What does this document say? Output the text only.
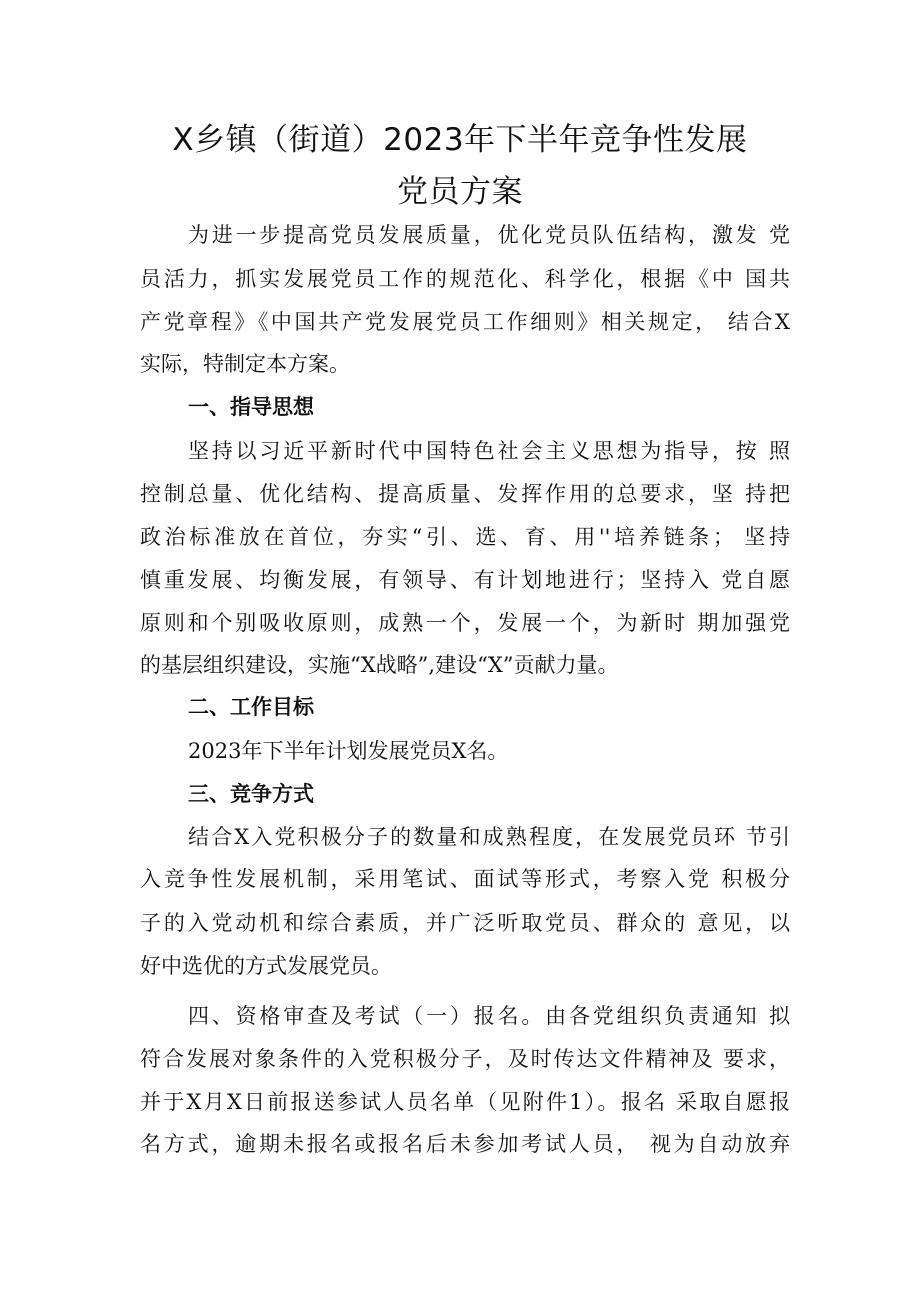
X乡镇（街道）2023年下半年竞争性发展
党员方案

为进一步提高党员发展质量，优化党员队伍结构，激发 党

员活力，抓实发展党员工作的规范化、科学化，根据《中 国共

产党章程》《中国共产党发展党员工作细则》相关规定， 结合X

实际，特制定本方案。

一、指导思想

坚持以习近平新时代中国特色社会主义思想为指导，按 照

控制总量、优化结构、提高质量、发挥作用的总要求，坚 持把

政治标准放在首位，夯实“引、选、育、用''培养链条； 坚持

慎重发展、均衡发展，有领导、有计划地进行；坚持入 党自愿

原则和个别吸收原则，成熟一个，发展一个，为新时 期加强党

的基层组织建设，实施“X战略”,建设“X”贡献力量。

二、工作目标

2023年下半年计划发展党员X名。

三、竞争方式

结合X入党积极分子的数量和成熟程度，在发展党员环 节引

入竞争性发展机制，采用笔试、面试等形式，考察入党 积极分

子的入党动机和综合素质，并广泛听取党员、群众的 意见，以

好中选优的方式发展党员。

四、资格审查及考试（一）报名。由各党组织负责通知 拟

符合发展对象条件的入党积极分子，及时传达文件精神及 要求，

并于X月X日前报送参试人员名单（见附件1）。报名 采取自愿报

名方式，逾期未报名或报名后未参加考试人员， 视为自动放弃
